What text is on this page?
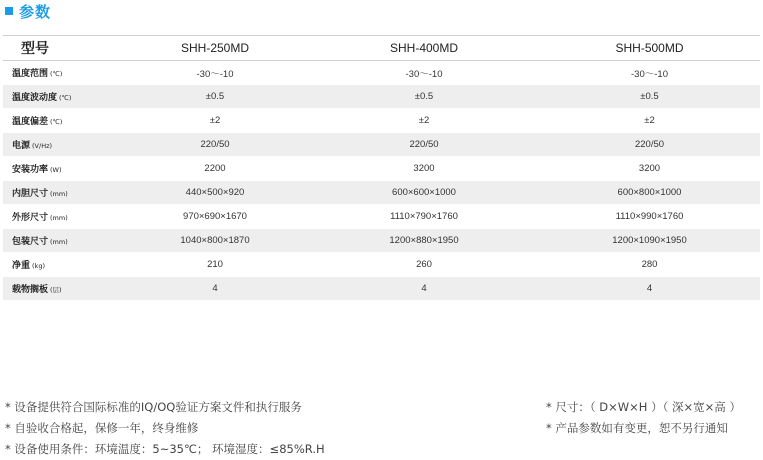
参数
型号	SHH-250MD	SHH-400MD	SHH-500MD
温度范围 (℃)	-30～-10	-30～-10	-30～-10
温度波动度 (℃)	±0.5	±0.5	±0.5
温度偏差 (℃)	±2	±2	±2
电源 (V/Hz)	220/50	220/50	220/50
安装功率 (W)	2200	3200	3200
内胆尺寸 (mm)	440×500×920	600×600×1000	600×800×1000
外形尺寸 (mm)	970×690×1670	1110×790×1760	1110×990×1760
包装尺寸 (mm)	1040×800×1870	1200×880×1950	1200×1090×1950
净重 (kg)	210	260	280
载物搁板 (层)	4	4	4
* 设备提供符合国际标准的IQ/OQ验证方案文件和执行服务
* 自验收合格起，保修一年，终身维修
* 设备使用条件：环境温度：5~35℃； 环境湿度：≤85%R.H
* 尺寸：（ D×W×H ）（ 深×宽×高 ）
* 产品参数如有变更，恕不另行通知
